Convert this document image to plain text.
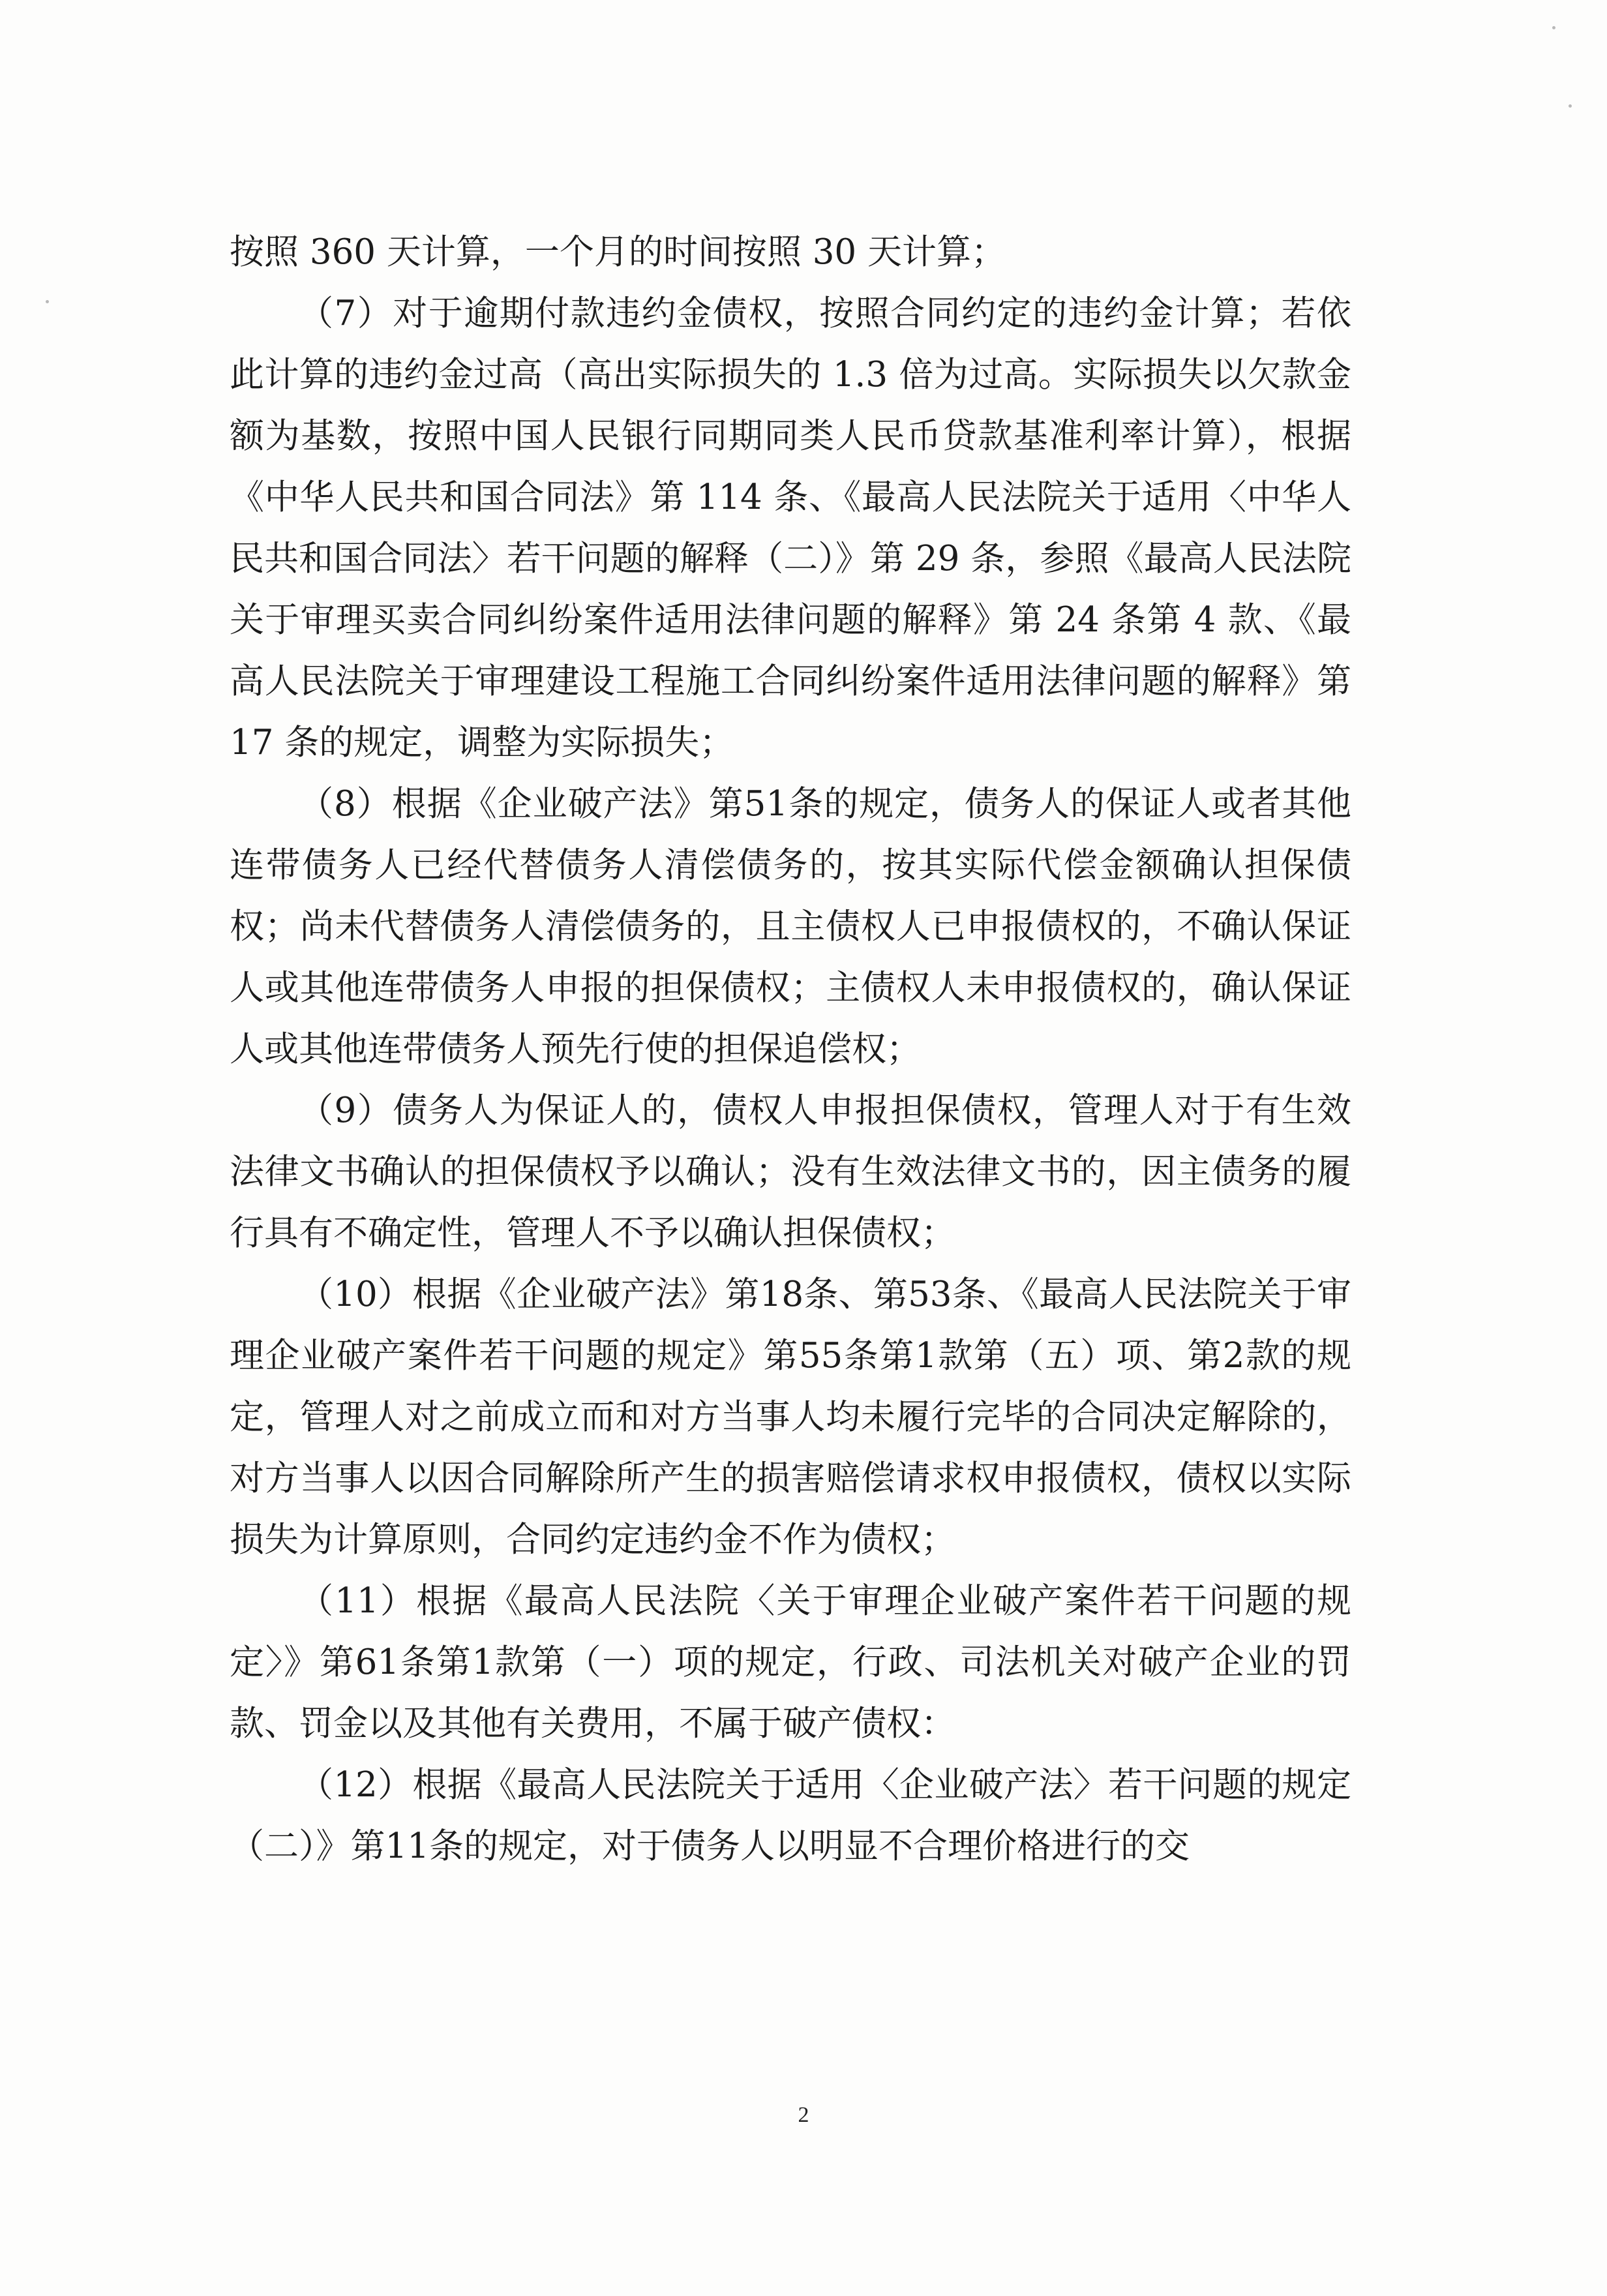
按照 360 天计算，一个月的时间按照 30 天计算；

（7）对于逾期付款违约金债权，按照合同约定的违约金计算；若依此计算的违约金过高（高出实际损失的 1.3 倍为过高。实际损失以欠款金额为基数，按照中国人民银行同期同类人民币贷款基准利率计算），根据《中华人民共和国合同法》第 114 条、《最高人民法院关于适用〈中华人民共和国合同法〉若干问题的解释（二）》第 29 条，参照《最高人民法院关于审理买卖合同纠纷案件适用法律问题的解释》第 24 条第 4 款、《最高人民法院关于审理建设工程施工合同纠纷案件适用法律问题的解释》第 17 条的规定，调整为实际损失；

（8）根据《企业破产法》第51条的规定，债务人的保证人或者其他连带债务人已经代替债务人清偿债务的，按其实际代偿金额确认担保债权；尚未代替债务人清偿债务的，且主债权人已申报债权的，不确认保证人或其他连带债务人申报的担保债权；主债权人未申报债权的，确认保证人或其他连带债务人预先行使的担保追偿权；

（9）债务人为保证人的，债权人申报担保债权，管理人对于有生效法律文书确认的担保债权予以确认；没有生效法律文书的，因主债务的履行具有不确定性，管理人不予以确认担保债权；

（10）根据《企业破产法》第18条、第53条、《最高人民法院关于审理企业破产案件若干问题的规定》第55条第1款第（五）项、第2款的规定，管理人对之前成立而和对方当事人均未履行完毕的合同决定解除的，对方当事人以因合同解除所产生的损害赔偿请求权申报债权，债权以实际损失为计算原则，合同约定违约金不作为债权；

（11）根据《最高人民法院〈关于审理企业破产案件若干问题的规定〉》第61条第1款第（一）项的规定，行政、司法机关对破产企业的罚款、罚金以及其他有关费用，不属于破产债权：

（12）根据《最高人民法院关于适用〈企业破产法〉若干问题的规定（二）》第11条的规定，对于债务人以明显不合理价格进行的交

2
